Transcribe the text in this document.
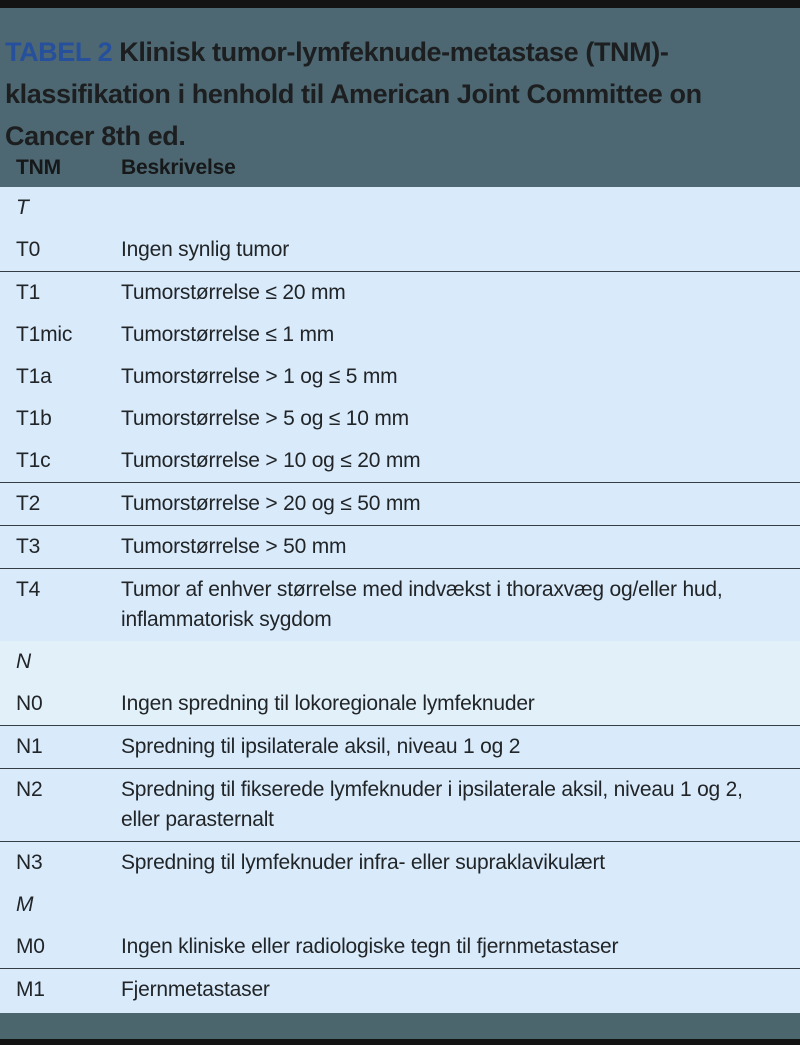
TABEL 2 Klinisk tumor-lymfeknude-metastase (TNM)-klassifikation i henhold til American Joint Committee on Cancer 8th ed.
TNM	Beskrivelse
T
T0	Ingen synlig tumor
T1	Tumorstørrelse ≤ 20 mm
T1mic	Tumorstørrelse ≤ 1 mm
T1a	Tumorstørrelse > 1 og ≤ 5 mm
T1b	Tumorstørrelse > 5 og ≤ 10 mm
T1c	Tumorstørrelse > 10 og ≤ 20 mm
T2	Tumorstørrelse > 20 og ≤ 50 mm
T3	Tumorstørrelse > 50 mm
T4	Tumor af enhver størrelse med indvækst i thoraxvæg og/eller hud, inflammatorisk sygdom
N
N0	Ingen spredning til lokoregionale lymfeknuder
N1	Spredning til ipsilaterale aksil, niveau 1 og 2
N2	Spredning til fikserede lymfeknuder i ipsilaterale aksil, niveau 1 og 2, eller parasternalt
N3	Spredning til lymfeknuder infra- eller supraklavikulært
M
M0	Ingen kliniske eller radiologiske tegn til fjernmetastaser
M1	Fjernmetastaser
